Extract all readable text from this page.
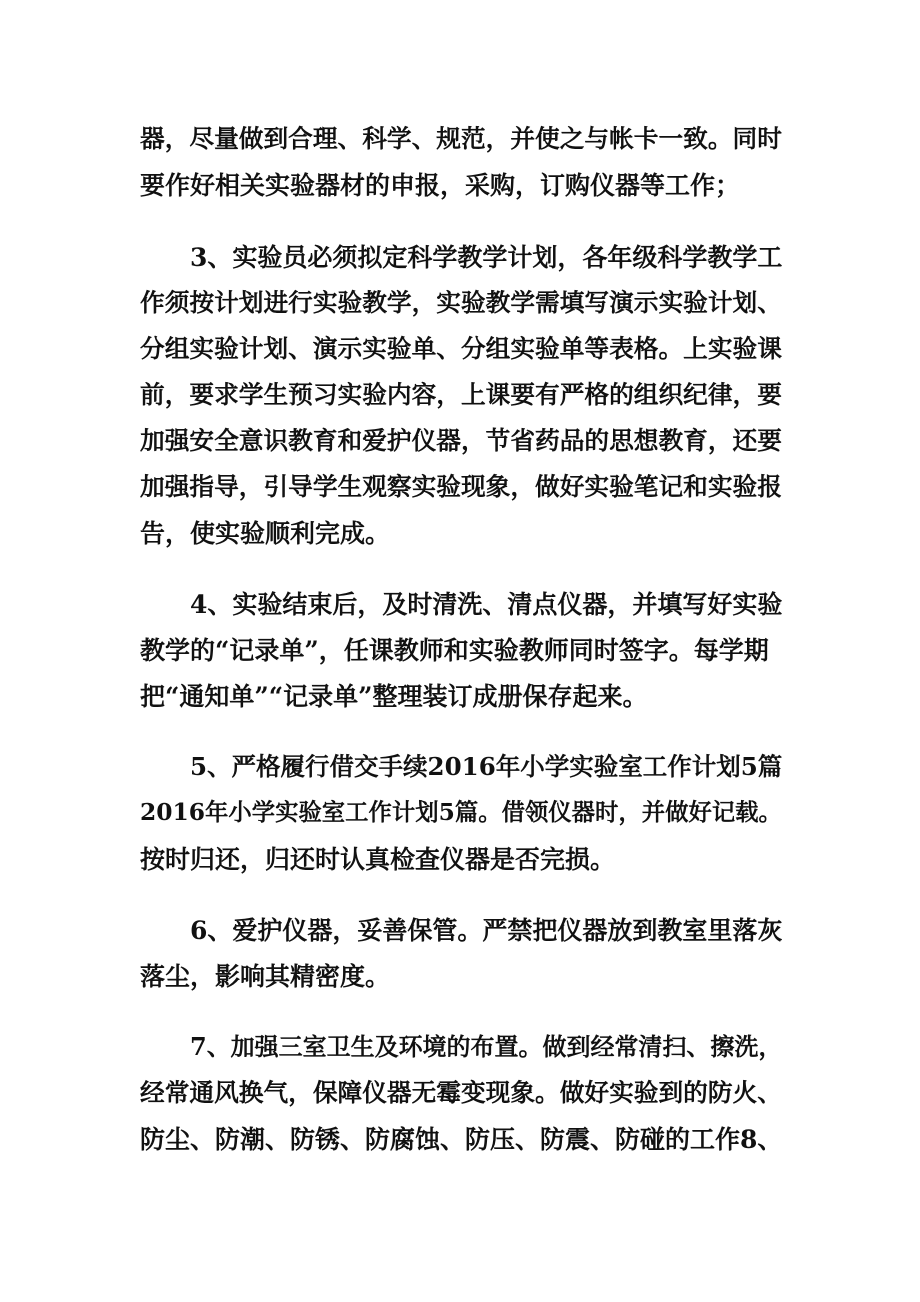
器，尽量做到合理、科学、规范，并使之与帐卡一致。同时
要作好相关实验器材的申报，采购，订购仪器等工作；
3、实验员必须拟定科学教学计划，各年级科学教学工
作须按计划进行实验教学，实验教学需填写演示实验计划、
分组实验计划、演示实验单、分组实验单等表格。上实验课
前，要求学生预习实验内容，上课要有严格的组织纪律，要
加强安全意识教育和爱护仪器，节省药品的思想教育，还要
加强指导，引导学生观察实验现象，做好实验笔记和实验报
告，使实验顺利完成。
4、实验结束后，及时清洗、清点仪器，并填写好实验
教学的“记录单”，任课教师和实验教师同时签字。每学期
把“通知单”“记录单”整理装订成册保存起来。
5、严格履行借交手续2016年小学实验室工作计划5篇
2016年小学实验室工作计划5篇。借领仪器时，并做好记载。
按时归还，归还时认真检查仪器是否完损。
6、爱护仪器，妥善保管。严禁把仪器放到教室里落灰
落尘，影响其精密度。
7、加强三室卫生及环境的布置。做到经常清扫、擦洗，
经常通风换气，保障仪器无霉变现象。做好实验到的防火、
防尘、防潮、防锈、防腐蚀、防压、防震、防碰的工作8、
